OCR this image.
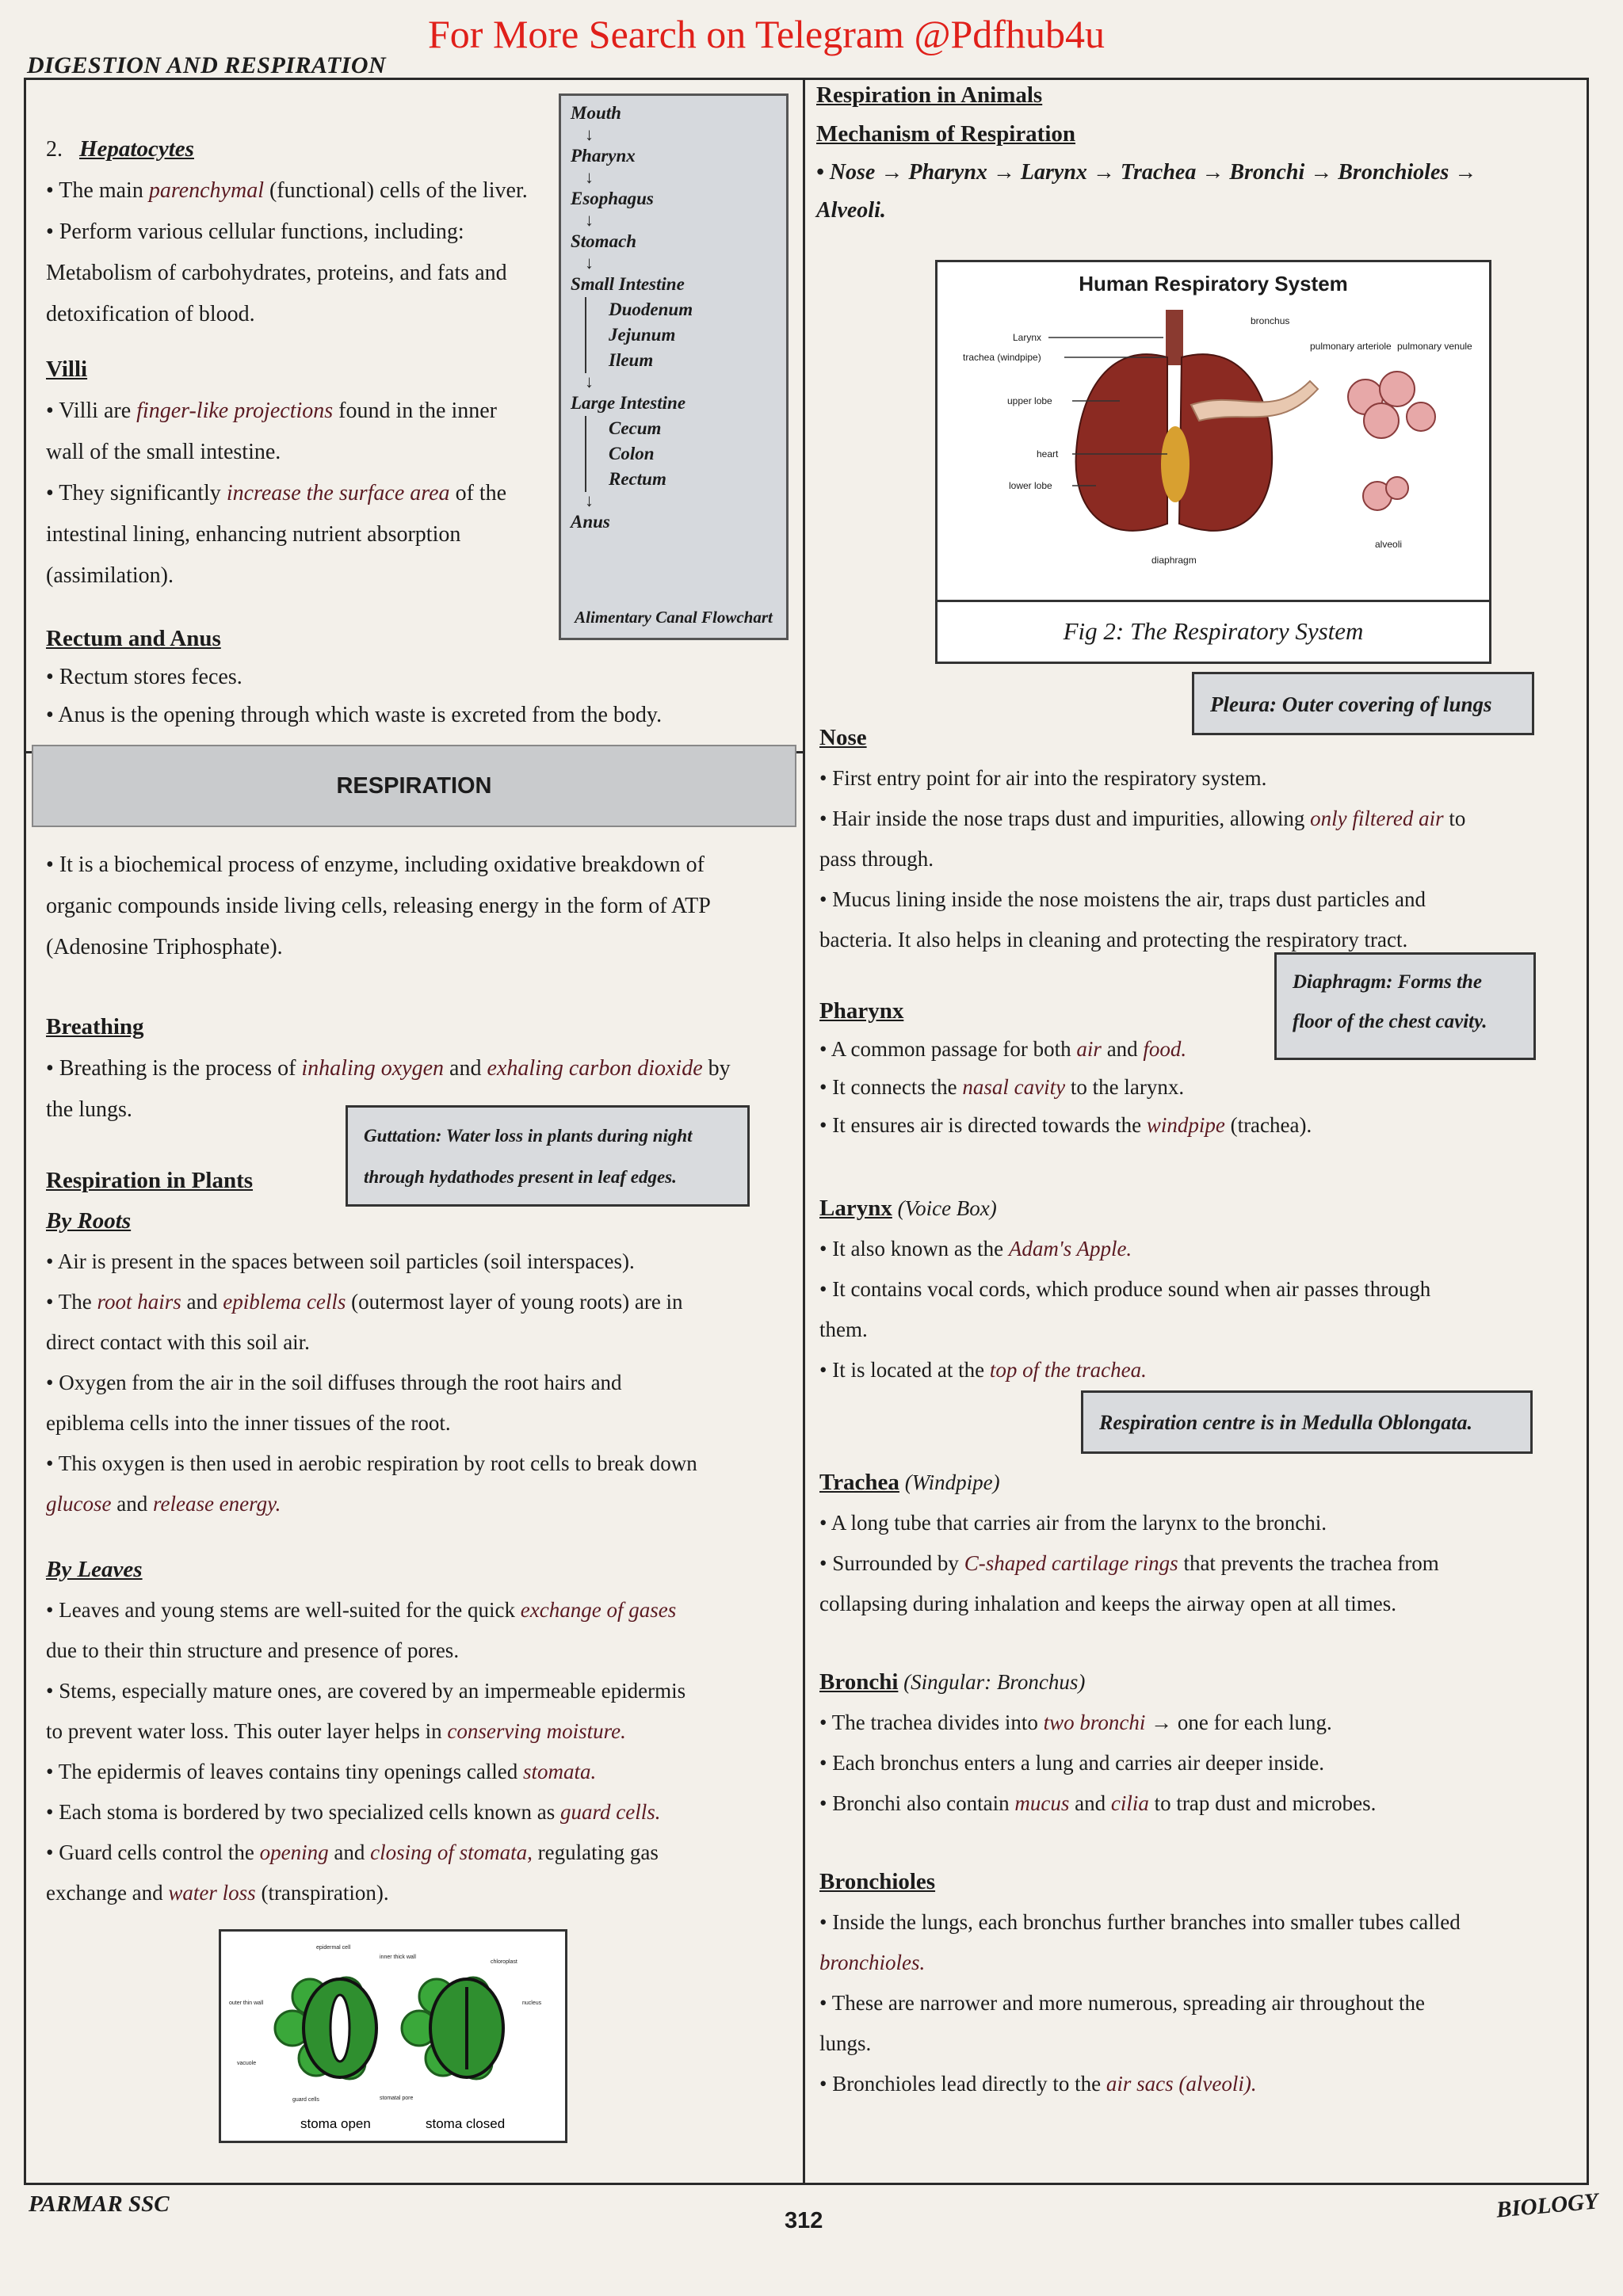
For More Search on Telegram @Pdfhub4u
DIGESTION AND RESPIRATION

2. Hepatocytes

• The main parenchymal (functional) cells of the liver.

• Perform various cellular functions, including:

Metabolism of carbohydrates, proteins, and fats and

detoxification of blood.

Mouth
↓
Pharynx
↓
Esophagus
↓
Stomach
↓
Small Intestine
Duodenum
Jejunum
Ileum
↓
Large Intestine
Cecum
Colon
Rectum
↓
Anus
Alimentary Canal Flowchart

Villi

• Villi are finger-like projections found in the inner

wall of the small intestine.

• They significantly increase the surface area of the

intestinal lining, enhancing nutrient absorption

(assimilation).

Rectum and Anus

• Rectum stores feces.

• Anus is the opening through which waste is excreted from the body.

RESPIRATION

• It is a biochemical process of enzyme, including oxidative breakdown of

organic compounds inside living cells, releasing energy in the form of ATP

(Adenosine Triphosphate).

Breathing

• Breathing is the process of inhaling oxygen and exhaling carbon dioxide by

the lungs.

Guttation: Water loss in plants during night
through hydathodes present in leaf edges.

Respiration in Plants

By Roots

• Air is present in the spaces between soil particles (soil interspaces).

• The root hairs and epiblema cells (outermost layer of young roots) are in

direct contact with this soil air.

• Oxygen from the air in the soil diffuses through the root hairs and

epiblema cells into the inner tissues of the root.

• This oxygen is then used in aerobic respiration by root cells to break down

glucose and release energy.

By Leaves

• Leaves and young stems are well-suited for the quick exchange of gases

due to their thin structure and presence of pores.

• Stems, especially mature ones, are covered by an impermeable epidermis

to prevent water loss. This outer layer helps in conserving moisture.

• The epidermis of leaves contains tiny openings called stomata.

• Each stoma is bordered by two specialized cells known as guard cells.

• Guard cells control the opening and closing of stomata, regulating gas

exchange and water loss (transpiration).

epidermal cell
inner thick wall
chloroplast
outer thin wall	nucleus
vacuole
guard cells	stomatal pore
stoma open	stoma closed

Respiration in Animals

Mechanism of Respiration

• Nose → Pharynx → Larynx → Trachea → Bronchi → Bronchioles →

Alveoli.

Human Respiratory System
Larynx
trachea (windpipe)
upper lobe
heart
lower lobe
diaphragm
bronchus
pulmonary arteriole pulmonary venule
alveoli
Fig 2: The Respiratory System
Pleura: Outer covering of lungs

Nose

• First entry point for air into the respiratory system.

• Hair inside the nose traps dust and impurities, allowing only filtered air to

pass through.

• Mucus lining inside the nose moistens the air, traps dust particles and

bacteria. It also helps in cleaning and protecting the respiratory tract.

Diaphragm: Forms the
floor of the chest cavity.

Pharynx

• A common passage for both air and food.

• It connects the nasal cavity to the larynx.

• It ensures air is directed towards the windpipe (trachea).

Larynx (Voice Box)

• It also known as the Adam's Apple.

• It contains vocal cords, which produce sound when air passes through

them.

• It is located at the top of the trachea.

Respiration centre is in Medulla Oblongata.

Trachea (Windpipe)

• A long tube that carries air from the larynx to the bronchi.

• Surrounded by C-shaped cartilage rings that prevents the trachea from

collapsing during inhalation and keeps the airway open at all times.

Bronchi (Singular: Bronchus)

• The trachea divides into two bronchi → one for each lung.

• Each bronchus enters a lung and carries air deeper inside.

• Bronchi also contain mucus and cilia to trap dust and microbes.

Bronchioles

• Inside the lungs, each bronchus further branches into smaller tubes called

bronchioles.

• These are narrower and more numerous, spreading air throughout the

lungs.

• Bronchioles lead directly to the air sacs (alveoli).

PARMAR SSC
312	BIOLOGY
